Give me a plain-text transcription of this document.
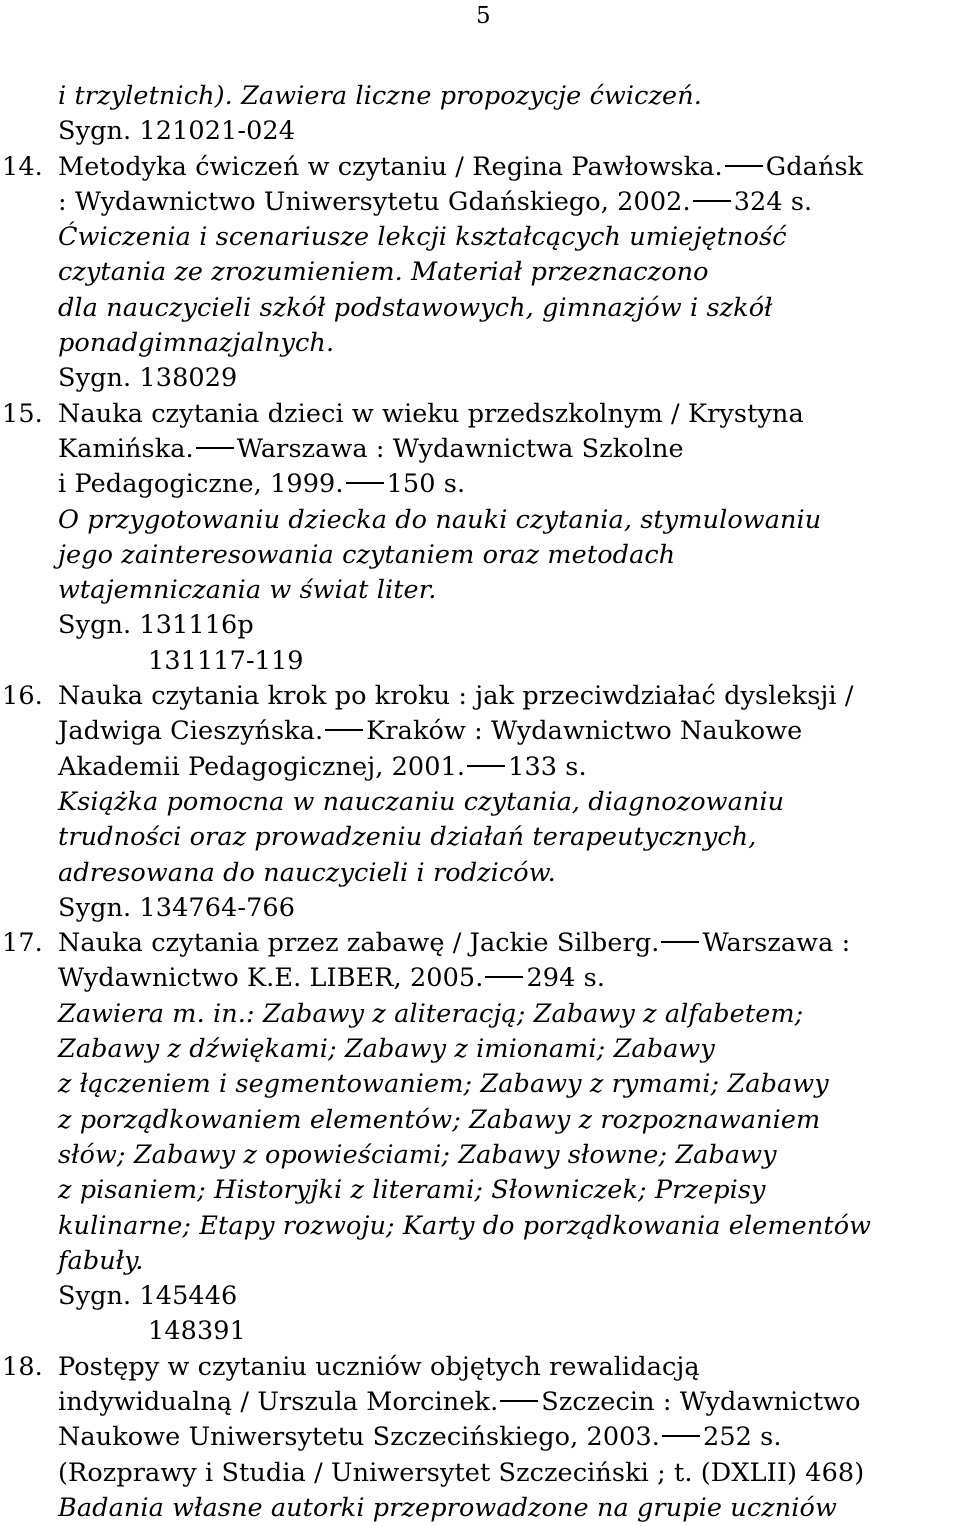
5
i trzyletnich). Zawiera liczne propozycje ćwiczeń.
Sygn. 121021-024
14. Metodyka ćwiczeń w czytaniu / Regina Pawłowska. Gdańsk
: Wydawnictwo Uniwersytetu Gdańskiego, 2002. 324 s.
Ćwiczenia i scenariusze lekcji kształcących umiejętność
czytania ze zrozumieniem. Materiał przeznaczono
dla nauczycieli szkół podstawowych, gimnazjów i szkół
ponadgimnazjalnych.
Sygn. 138029
15. Nauka czytania dzieci w wieku przedszkolnym / Krystyna
Kamińska. Warszawa : Wydawnictwa Szkolne
i Pedagogiczne, 1999. 150 s.
O przygotowaniu dziecka do nauki czytania, stymulowaniu
jego zainteresowania czytaniem oraz metodach
wtajemniczania w świat liter.
Sygn. 131116p
131117-119
16. Nauka czytania krok po kroku : jak przeciwdziałać dysleksji /
Jadwiga Cieszyńska. Kraków : Wydawnictwo Naukowe
Akademii Pedagogicznej, 2001. 133 s.
Książka pomocna w nauczaniu czytania, diagnozowaniu
trudności oraz prowadzeniu działań terapeutycznych,
adresowana do nauczycieli i rodziców.
Sygn. 134764-766
17. Nauka czytania przez zabawę / Jackie Silberg. Warszawa :
Wydawnictwo K.E. LIBER, 2005. 294 s.
Zawiera m. in.: Zabawy z aliteracją; Zabawy z alfabetem;
Zabawy z dźwiękami; Zabawy z imionami; Zabawy
z łączeniem i segmentowaniem; Zabawy z rymami; Zabawy
z porządkowaniem elementów; Zabawy z rozpoznawaniem
słów; Zabawy z opowieściami; Zabawy słowne; Zabawy
z pisaniem; Historyjki z literami; Słowniczek; Przepisy
kulinarne; Etapy rozwoju; Karty do porządkowania elementów
fabuły.
Sygn. 145446
148391
18. Postępy w czytaniu uczniów objętych rewalidacją
indywidualną / Urszula Morcinek. Szczecin : Wydawnictwo
Naukowe Uniwersytetu Szczecińskiego, 2003. 252 s.
(Rozprawy i Studia / Uniwersytet Szczeciński ; t. (DXLII) 468)
Badania własne autorki przeprowadzone na grupie uczniów
